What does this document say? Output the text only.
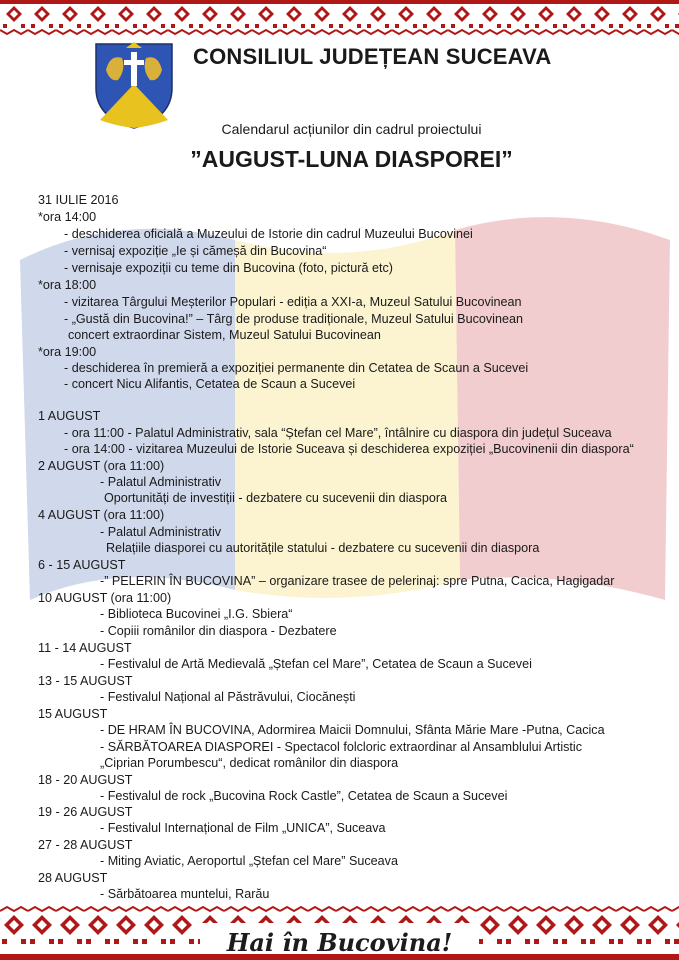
CONSILIUL JUDEȚEAN SUCEAVA
Calendarul acțiunilor din cadrul proiectului
”AUGUST-LUNA DIASPOREI”
31 IULIE 2016
*ora 14:00
- deschiderea oficială a Muzeului de Istorie din cadrul Muzeului Bucovinei
- vernisaj expoziție „Ie și cămeșă din Bucovina“
- vernisaje expoziții cu teme din Bucovina (foto, pictură etc)
*ora 18:00
- vizitarea Târgului Meșterilor Populari - ediția a XXI-a, Muzeul Satului Bucovinean
- „Gustă din Bucovina!” – Târg de produse tradiționale, Muzeul Satului Bucovinean
concert extraordinar Sistem, Muzeul Satului Bucovinean
*ora 19:00
- deschiderea în premieră a expoziției permanente din Cetatea de Scaun a Sucevei
- concert Nicu Alifantis, Cetatea de Scaun a Sucevei
1 AUGUST
- ora 11:00 - Palatul Administrativ, sala “Ștefan cel Mare”, întâlnire cu diaspora din județul Suceava
- ora 14:00 - vizitarea Muzeului de Istorie Suceava și deschiderea expoziției „Bucovinenii din diaspora“
2 AUGUST (ora 11:00)
- Palatul Administrativ
Oportunități de investiții - dezbatere cu sucevenii din diaspora
4 AUGUST (ora 11:00)
- Palatul Administrativ
Relațiile diasporei cu autoritățile statului - dezbatere cu sucevenii din diaspora
6 - 15 AUGUST
-” PELERIN ÎN BUCOVINA” – organizare trasee de pelerinaj: spre Putna, Cacica, Hagigadar
10 AUGUST (ora 11:00)
- Biblioteca Bucovinei „I.G. Sbiera“
- Copiii românilor din diaspora - Dezbatere
11 - 14 AUGUST
- Festivalul de Artă Medievală „Ștefan cel Mare”, Cetatea de Scaun a Sucevei
13 - 15 AUGUST
- Festivalul Național al Păstrăvului, Ciocănești
15 AUGUST
- DE HRAM ÎN BUCOVINA, Adormirea Maicii Domnului, Sfânta Mărie Mare -Putna, Cacica
- SĂRBĂTOAREA DIASPOREI - Spectacol folcloric extraordinar al Ansamblului Artistic
„Ciprian Porumbescu“, dedicat românilor din diaspora
18 - 20 AUGUST
- Festivalul de rock „Bucovina Rock Castle”, Cetatea de Scaun a Sucevei
19 - 26 AUGUST
- Festivalul Internațional de Film „UNICA”, Suceava
27 - 28 AUGUST
- Miting Aviatic, Aeroportul „Ștefan cel Mare” Suceava
28 AUGUST
- Sărbătoarea muntelui, Rarău
Hai în Bucovina!
